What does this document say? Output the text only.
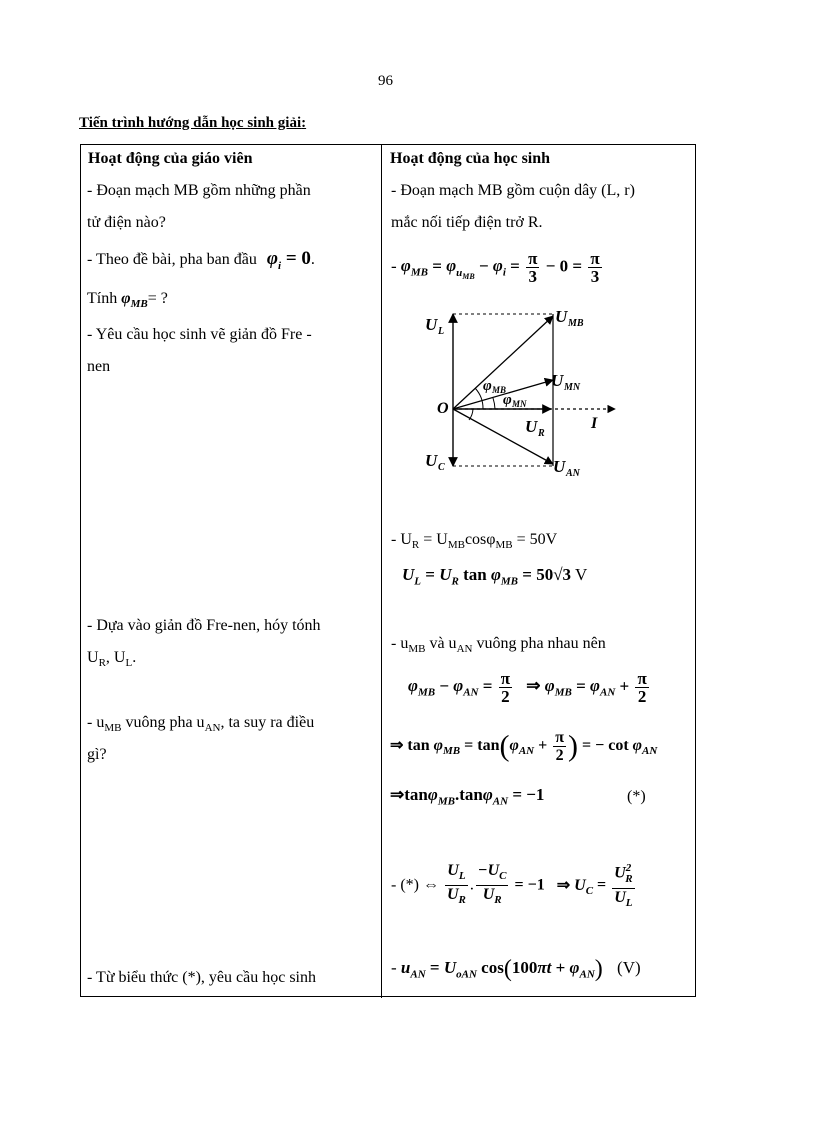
96
Tiến trình hướng dẫn học sinh giải:
Hoạt động của giáo viên	Hoạt động của học sinh
- Đoạn mạch MB gồm những phần
tử điện nào?
- Theo đề bài, pha ban đầu $\varphi_i = 0$.
Tính $\varphi_{MB}=$ ?
- Yêu cầu học sinh vẽ giản đồ Fre -
nen
- Dựa vào giản đồ Fre-nen, hóy tónh
$U_R$, $U_L$.
- $u_{MB}$ vuông pha $u_{AN}$, ta suy ra điều
gì?
- Từ biểu thức (*), yêu cầu học sinh
- Đoạn mạch MB gồm cuộn dây (L, r)
mắc nối tiếp điện trở R.
- $\varphi_{MB} = \varphi_{u_{MB}} - \varphi_i = \frac{\pi}{3} - 0 = \frac{\pi}{3}$
O
I
U L
U C
U MB
U MN
U R
U AN
φ MB
φ MN
- $U_R = U_{MB}\cos\varphi_{MB} = 50V$
$U_L = U_R$ $\tan \varphi_{MB} = 50√3$ V
- $u_{MB}$ và $u_{AN}$ vuông pha nhau nên
$\varphi_{MB} - \varphi_{AN} = \frac{\pi}{2}$ ⇒ $\varphi_{MB} = \varphi_{AN} + \frac{\pi}{2}$
⇒ $\tan \varphi_{MB} = \tan(\varphi_{AN} + \frac{\pi}{2}$ ) = − $\cot \varphi_{AN}$
⇒tanφ$_{MB}$.tanφ$_{AN}$ = −1	(*)
- (*) ⇔ $\frac{U_L}{U_R}$ . $\frac{-U_C}{U_R} = -1$ ⇒ $U_C = \frac{U^2_R}{U_L}$
- $u_{AN} = U_{oAN}$ $\cos(100\pi t + \varphi_{AN})$ (V)
